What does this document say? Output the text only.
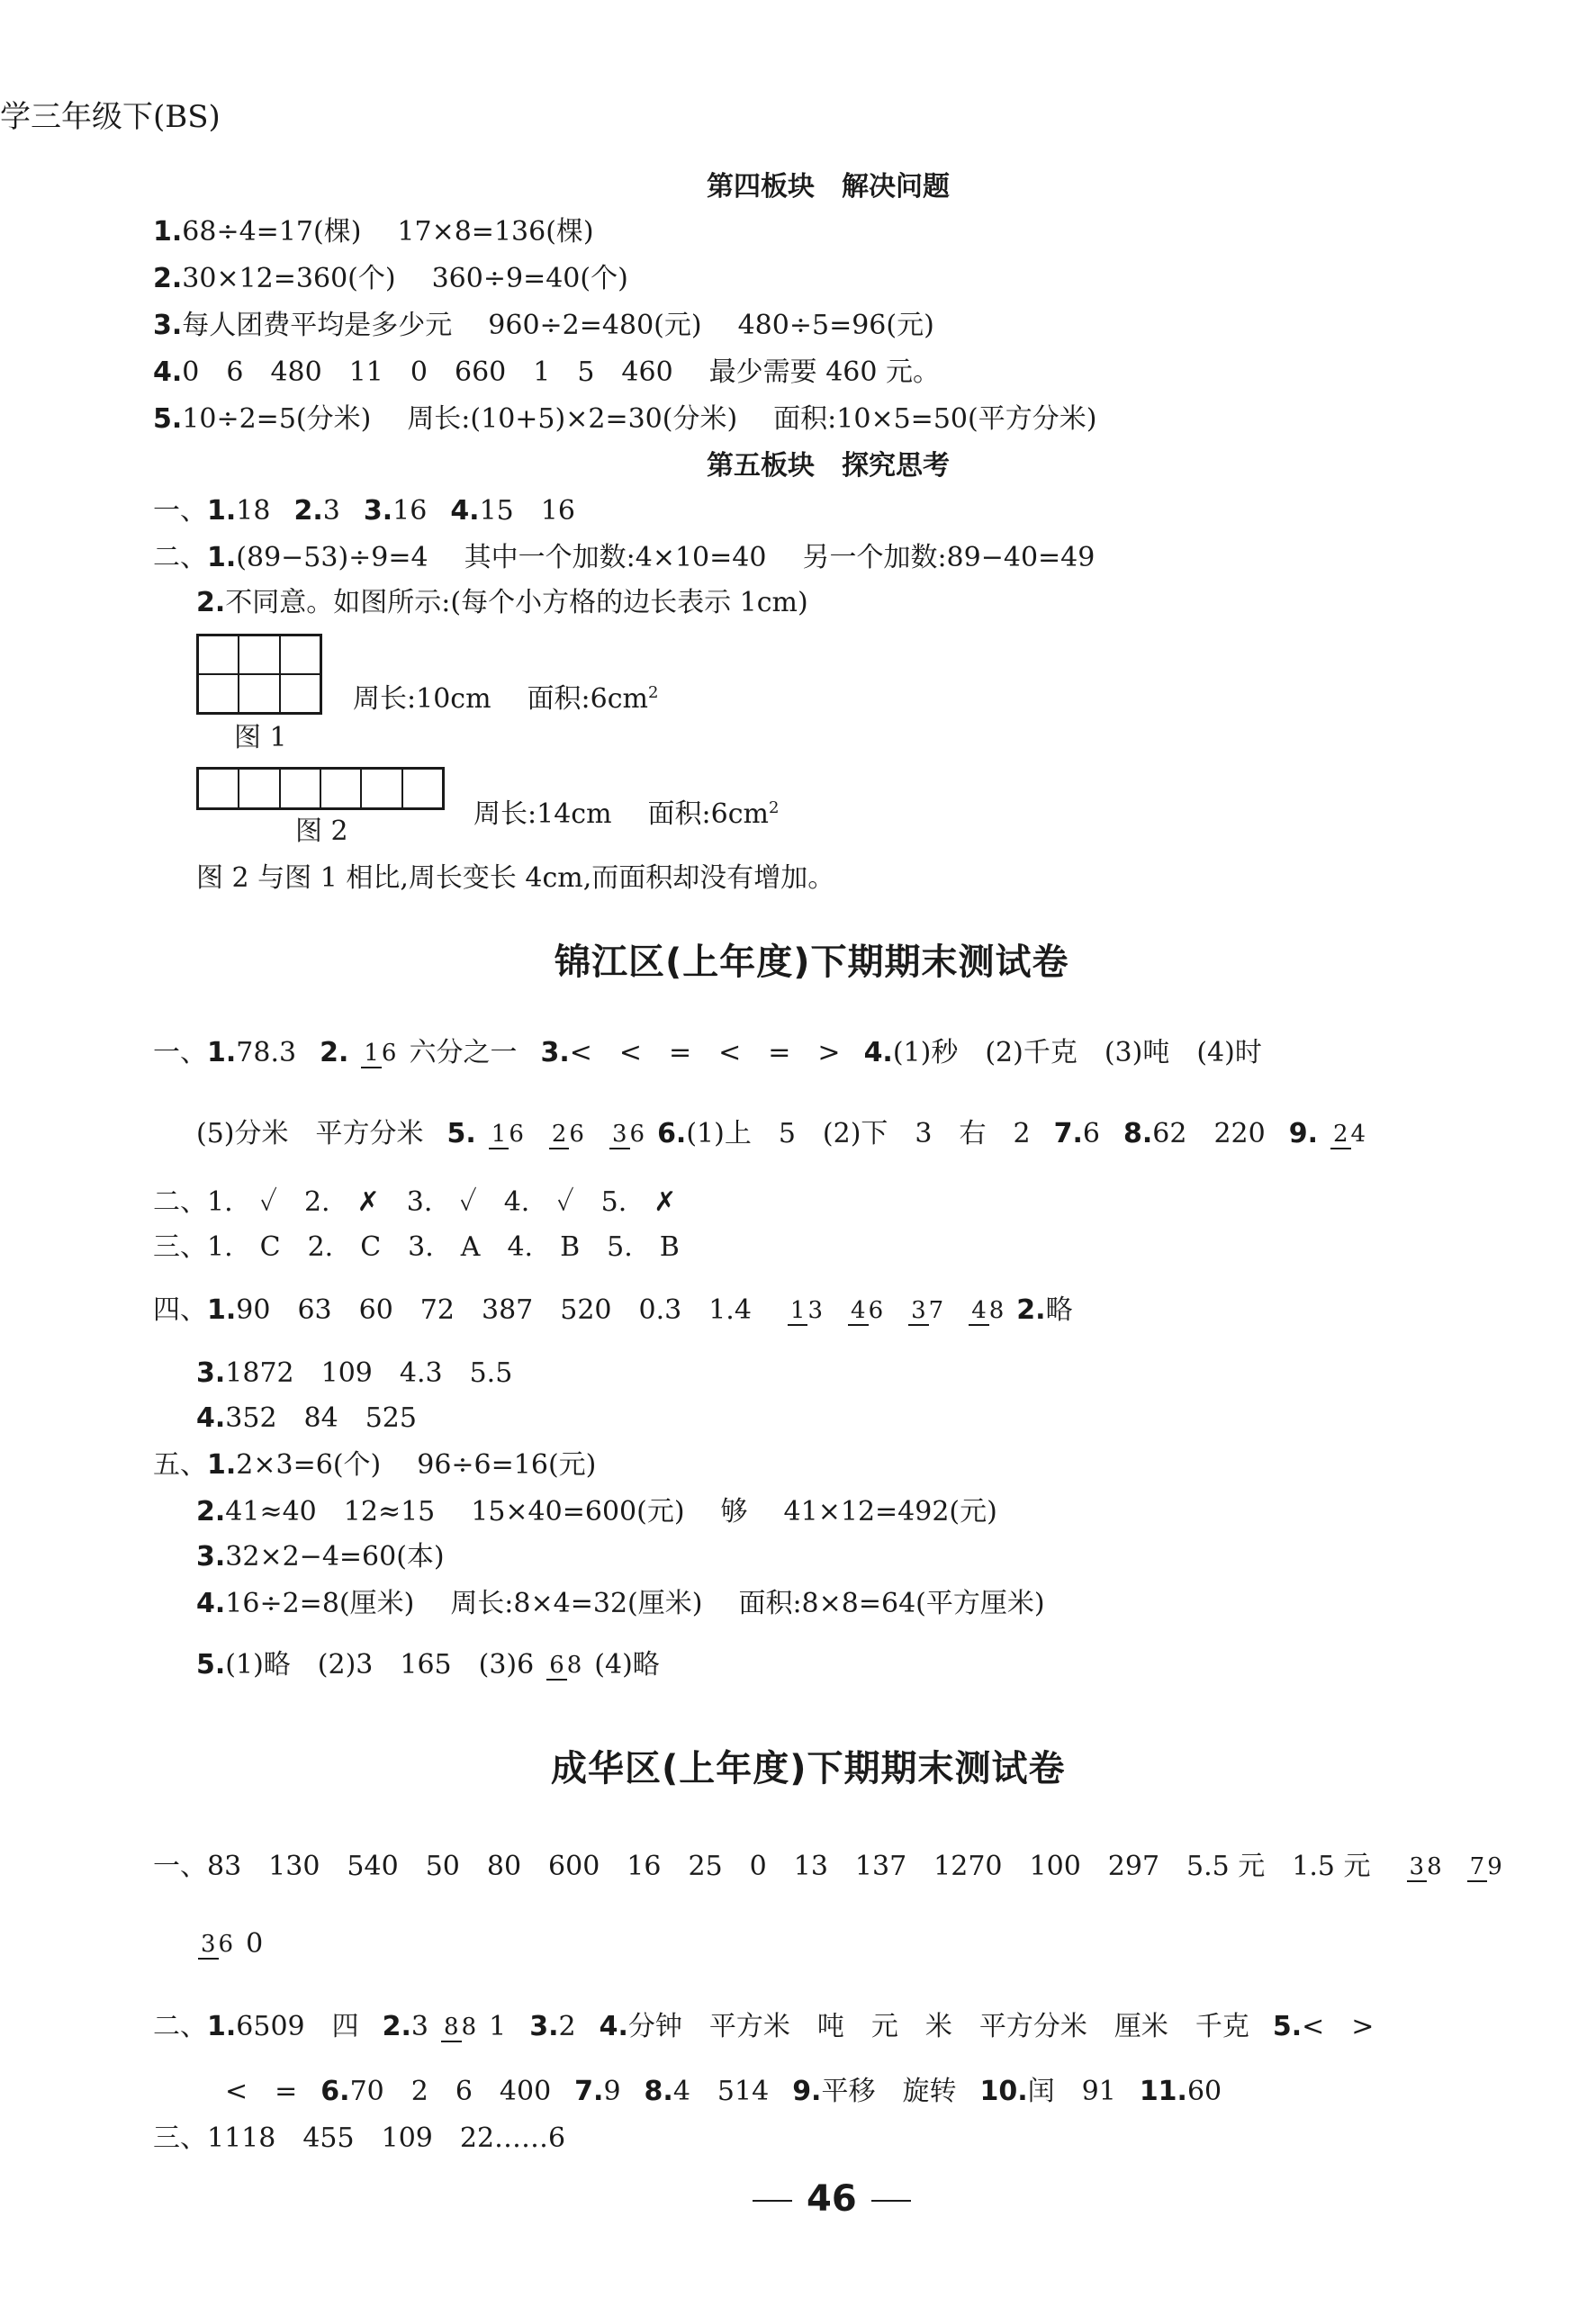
学三年级下(BS)
第四板块　解决问题
1.68÷4=17(棵) 17×8=136(棵)
2.30×12=360(个) 360÷9=40(个)
3.每人团费平均是多少元 960÷2=480(元) 480÷5=96(元)
4.0　6　480　11　0　660　1　5　460 最少需要 460 元。
5.10÷2=5(分米) 周长:(10+5)×2=30(分米) 面积:10×5=50(平方分米)
第五板块　探究思考
一、1.18 2.3 3.16 4.15　16
二、1.(89−53)÷9=4 其中一个加数:4×10=40 另一个加数:89−40=49
2.不同意。如图所示:(每个小方格的边长表示 1cm)
周长:10cm 面积$:6cm^2$
图 1
周长:14cm 面积$:6cm^2$
图 2
图 2 与图 1 相比,周长变长 4cm,而面积却没有增加。
锦江区(上年度)下期期末测试卷
一、1.78.3 2. 1 6 六分之一 3.<　<　=　<　=　> 4.(1)秒　(2)千克　(3)吨　(4)时
(5)分米　平方分米 5. 1 6 2 6 3 6 6.(1)上　5　(2)下　3　右　2 7.6 8.62　220 9. 2 4
二、1.　✓　2.　✗　3.　✓　4.　✓　5.　✗
三、1.　C　2.　C　3.　A　4.　B　5.　B
四、1.90　63　60　72　387　520　0.3　1.4 1 3 4 6 3 7 4 8 2.略
3.1872　109　4.3　5.5
4.352　84　525
五、1.2×3=6(个) 96÷6=16(元)
2.41≈40　12≈15 15×40=600(元) 够 41×12=492(元)
3.32×2−4=60(本)
4.16÷2=8(厘米) 周长:8×4=32(厘米) 面积:8×8=64(平方厘米)
5.(1)略　(2)3　165　(3)6 6 8 (4)略
成华区(上年度)下期期末测试卷
一、83　130　540　50　80　600　16　25　0　13　137　1270　100　297　5.5 元　1.5 元 3 8 7 9
3 6 0
二、1.6509　四 2.3 8 8 1 3.2 4.分钟　平方米　吨　元　米　平方分米　厘米　千克 5.<　>
<　= 6.70　2　6　400 7.9 8.4　514 9.平移　旋转 10.闰　91 11.60
三、1118　455　109　22……6
46
